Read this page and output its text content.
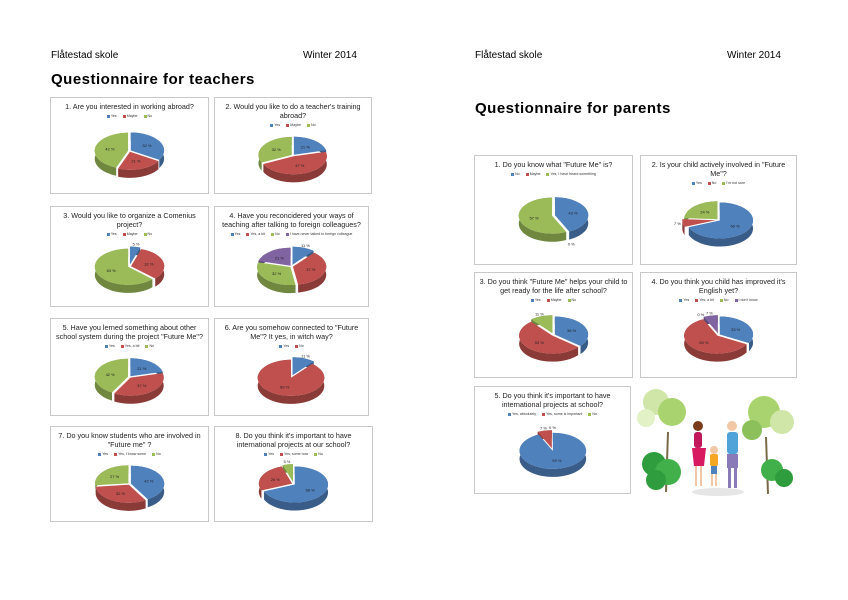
Flåtestad skole	Winter 2014
Questionnaire for teachers
Flåtestad skole	Winter 2014
Questionnaire for parents
1. Are you interested in working abroad?
Yes	Maybe	No
32 %
21 %
42 %
2. Would you like to do a teacher's training abroad?
Yes	Maybe	No
21 %
47 %
32 %
3. Would you like to organize a Comenius project?
Yes	Maybe	No
5 %
32 %
63 %
4. Have you reconcidered your ways of teaching after talking to foreign colleagues?
Yes	Yes, a bit	No	I have never talked to foreign colleague
11 %
37 %
32 %
21 %
5. Have you lerned something about other school system during the project "Future Me"?
Yes	Yes, a bit	No
21 %
37 %
42 %
6. Are you somehow connected to "Future Me"? It yes, in witch way?
Yes	No
11 %
89 %
7. Do you know students who are involved in "Future me" ?
Yes	Yes, I know some	No
42 %
32 %
27 %
8. Do you think it's important to have international projects at our school?
Yes	Yes, some how	No
68 %
26 %
5 %
1. Do you know what "Future Me" is?
No	Maybe	Yes, I have heard something
43 %
0 %
57 %
2. Is your child actively involved in "Future Me"?
Yes	No	I'm not sure
69 %
7 %
24 %
3. Do you think "Future Me" helps your child to get ready for the life after school?
Yes	Maybe	No
36 %
53 %
11 %
4. Do you think you child has improved it's English yet?
Yes	Yes, a bit	No	I don't know
33 %
60 %
0 % 7 %
5. Do you think it's important to have international projects at school?
Yes, absolutely	Yes, some is important	No
93 %
7 % 0 %
